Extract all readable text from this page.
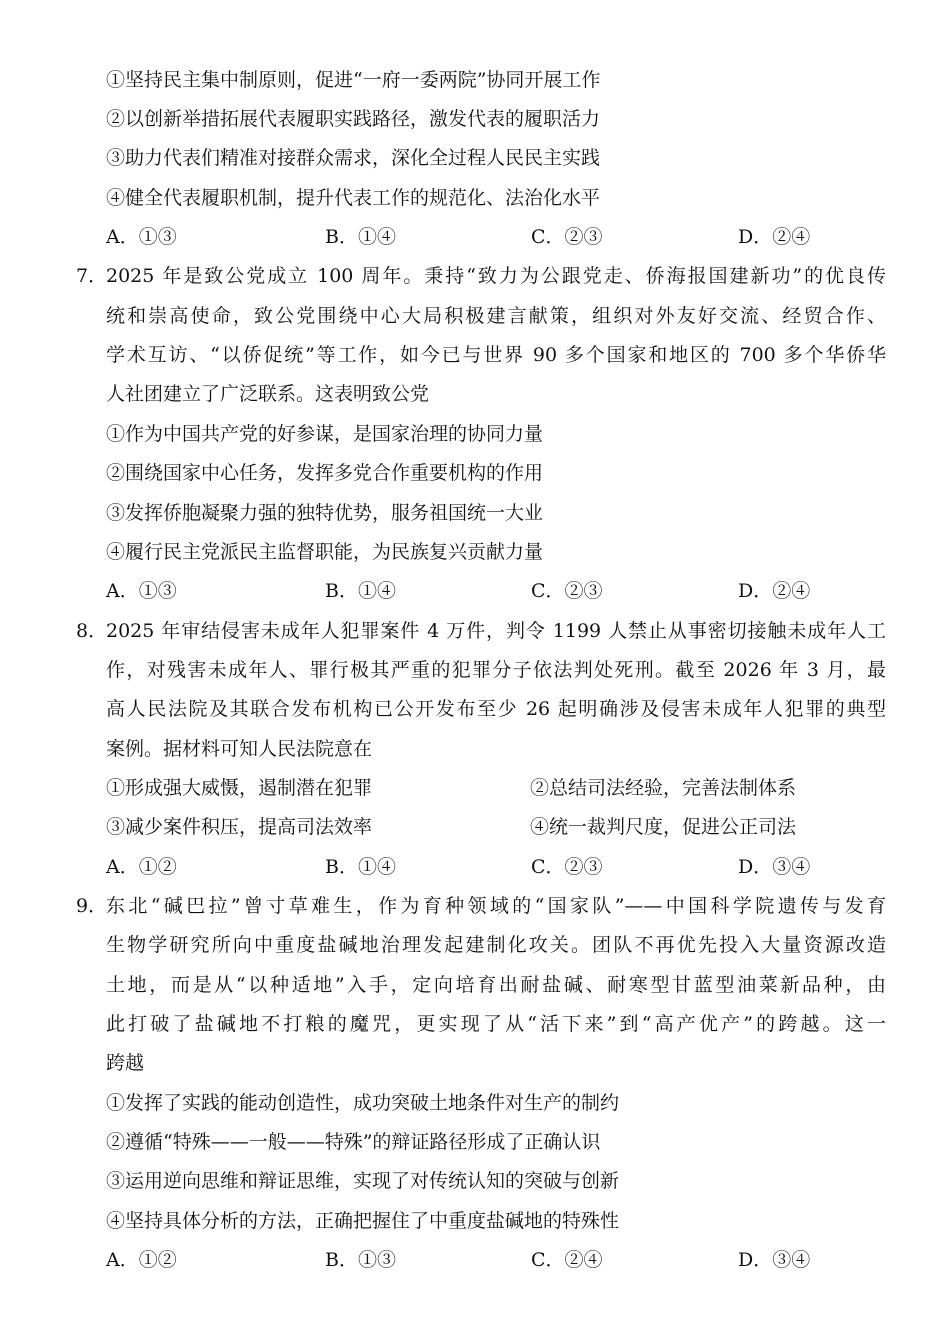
①坚持民主集中制原则，促进“一府一委两院”协同开展工作
②以创新举措拓展代表履职实践路径，激发代表的履职活力
③助力代表们精准对接群众需求，深化全过程人民民主实践
④健全代表履职机制，提升代表工作的规范化、法治化水平
A．①③	B．①④	C．②③	D．②④
7．
2025 年是致公党成立 100 周年。秉持“致力为公跟党走、侨海报国建新功”的优良传
统和崇高使命，致公党围绕中心大局积极建言献策，组织对外友好交流、经贸合作、
学术互访、“以侨促统”等工作，如今已与世界 90 多个国家和地区的 700 多个华侨华
人社团建立了广泛联系。这表明致公党
①作为中国共产党的好参谋，是国家治理的协同力量
②围绕国家中心任务，发挥多党合作重要机构的作用
③发挥侨胞凝聚力强的独特优势，服务祖国统一大业
④履行民主党派民主监督职能，为民族复兴贡献力量
A．①③	B．①④	C．②③	D．②④
8．
2025 年审结侵害未成年人犯罪案件 4 万件，判令 1199 人禁止从事密切接触未成年人工
作，对残害未成年人、罪行极其严重的犯罪分子依法判处死刑。截至 2026 年 3 月，最
高人民法院及其联合发布机构已公开发布至少 26 起明确涉及侵害未成年人犯罪的典型
案例。据材料可知人民法院意在
①形成强大威慑，遏制潜在犯罪	②总结司法经验，完善法制体系
③减少案件积压，提高司法效率	④统一裁判尺度，促进公正司法
A．①②	B．①④	C．②③	D．③④
9．
东北“碱巴拉”曾寸草难生，作为育种领域的“国家队”——中国科学院遗传与发育
生物学研究所向中重度盐碱地治理发起建制化攻关。团队不再优先投入大量资源改造
土地，而是从“以种适地”入手，定向培育出耐盐碱、耐寒型甘蓝型油菜新品种，由
此打破了盐碱地不打粮的魔咒，更实现了从“活下来”到“高产优产”的跨越。这一
跨越
①发挥了实践的能动创造性，成功突破土地条件对生产的制约
②遵循“特殊——一般——特殊”的辩证路径形成了正确认识
③运用逆向思维和辩证思维，实现了对传统认知的突破与创新
④坚持具体分析的方法，正确把握住了中重度盐碱地的特殊性
A．①②	B．①③	C．②④	D．③④
